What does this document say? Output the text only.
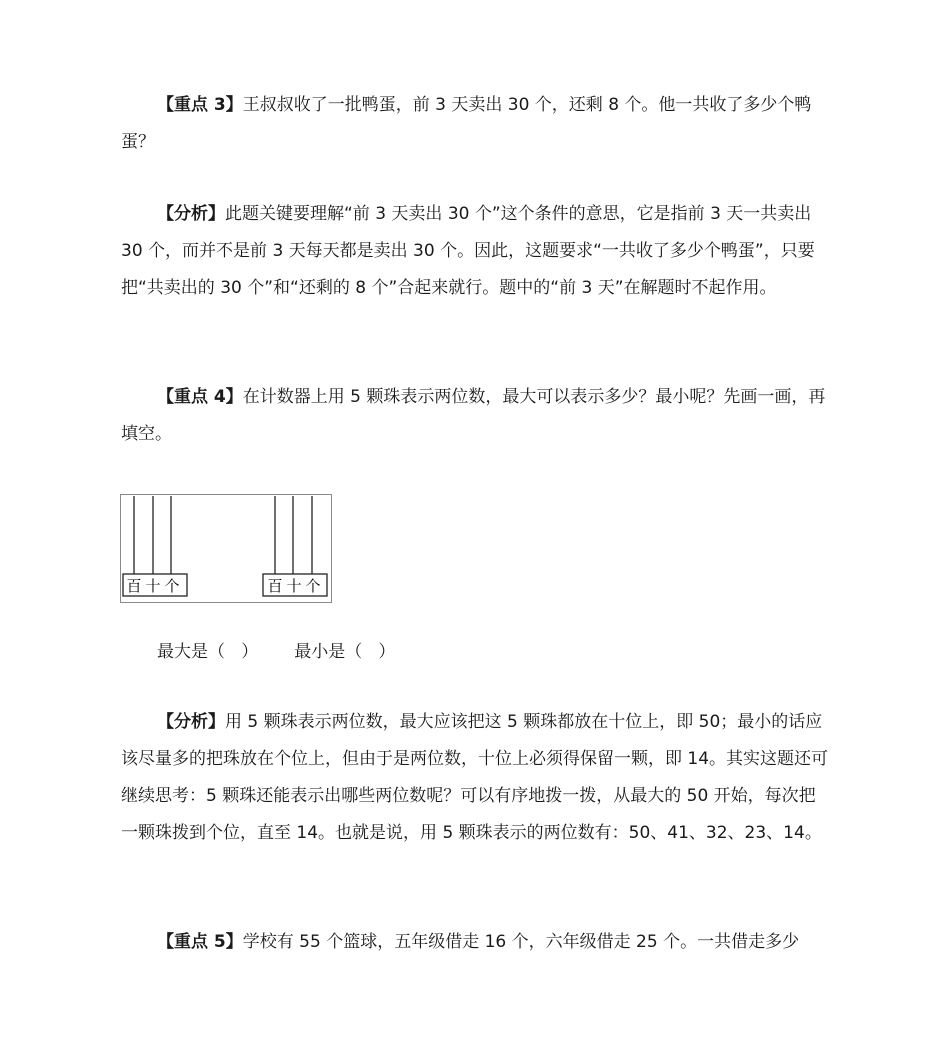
【重点 3】王叔叔收了一批鸭蛋，前 3 天卖出 30 个，还剩 8 个。他一共收了多少个鸭蛋？
【分析】此题关键要理解“前 3 天卖出 30 个”这个条件的意思，它是指前 3 天一共卖出 30 个，而并不是前 3 天每天都是卖出 30 个。因此，这题要求“一共收了多少个鸭蛋”，只要把“共卖出的 30 个”和“还剩的 8 个”合起来就行。题中的“前 3 天”在解题时不起作用。
【重点 4】在计数器上用 5 颗珠表示两位数，最大可以表示多少？最小呢？先画一画，再填空。
百 十 个	百 十 个
最大是（   ） 最小是（   ）
【分析】用 5 颗珠表示两位数，最大应该把这 5 颗珠都放在十位上，即 50；最小的话应该尽量多的把珠放在个位上，但由于是两位数，十位上必须得保留一颗，即 14。其实这题还可继续思考：5 颗珠还能表示出哪些两位数呢？可以有序地拨一拨，从最大的 50 开始，每次把一颗珠拨到个位，直至 14。也就是说，用 5 颗珠表示的两位数有：50、41、32、23、14。
【重点 5】学校有 55 个篮球，五年级借走 16 个，六年级借走 25 个。一共借走多少
